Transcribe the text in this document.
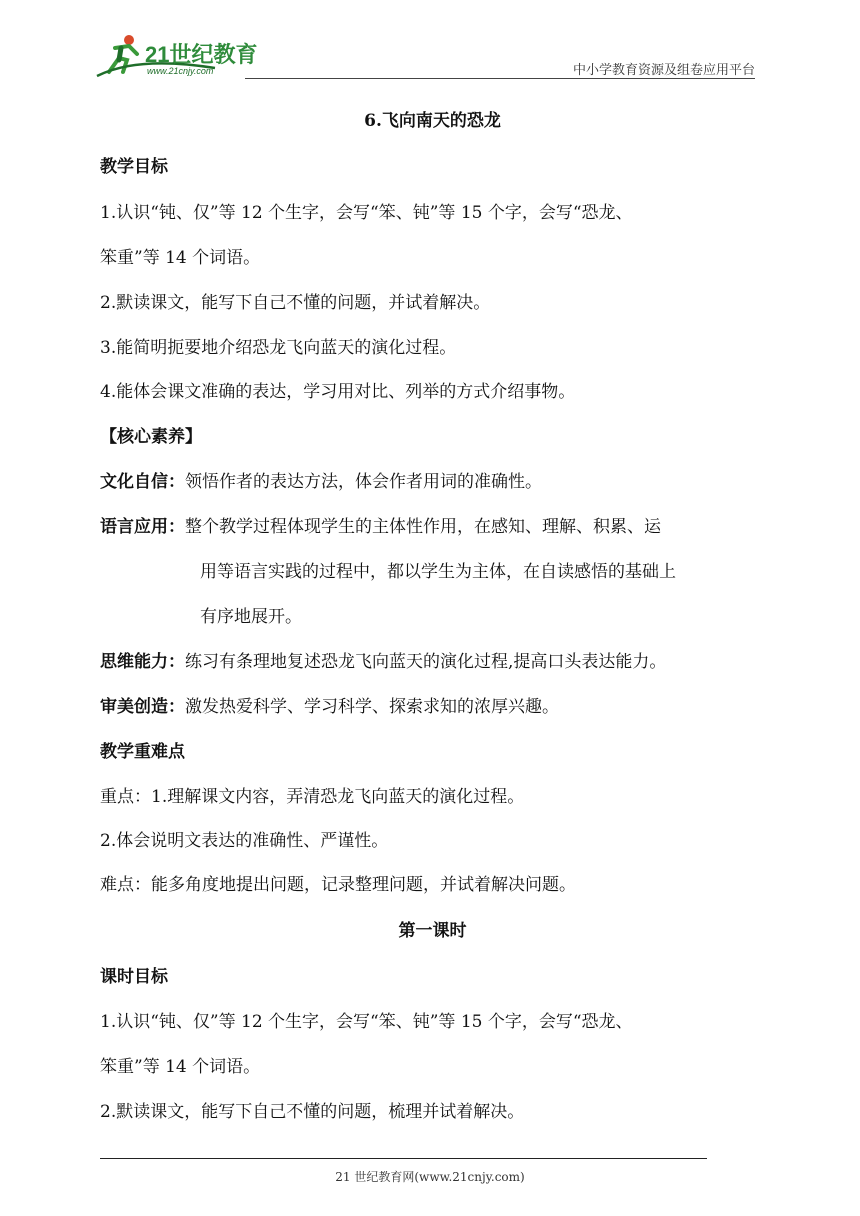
21世纪教育
www.21cnjy.com	中小学教育资源及组卷应用平台
6.飞向南天的恐龙
教学目标
1.认识“钝、仅”等 12 个生字，会写“笨、钝”等 15 个字，会写“恐龙、
笨重”等 14 个词语。
2.默读课文，能写下自己不懂的问题，并试着解决。
3.能简明扼要地介绍恐龙飞向蓝天的演化过程。
4.能体会课文准确的表达，学习用对比、列举的方式介绍事物。
【核心素养】
文化自信：领悟作者的表达方法，体会作者用词的准确性。
语言应用：整个教学过程体现学生的主体性作用，在感知、理解、积累、运
用等语言实践的过程中，都以学生为主体，在自读感悟的基础上
有序地展开。
思维能力：练习有条理地复述恐龙飞向蓝天的演化过程,提高口头表达能力。
审美创造：激发热爱科学、学习科学、探索求知的浓厚兴趣。
教学重难点
重点：1.理解课文内容，弄清恐龙飞向蓝天的演化过程。
2.体会说明文表达的准确性、严谨性。
难点：能多角度地提出问题，记录整理问题，并试着解决问题。
第一课时
课时目标
1.认识“钝、仅”等 12 个生字，会写“笨、钝”等 15 个字，会写“恐龙、
笨重”等 14 个词语。
2.默读课文，能写下自己不懂的问题，梳理并试着解决。
21 世纪教育网(www.21cnjy.com)
